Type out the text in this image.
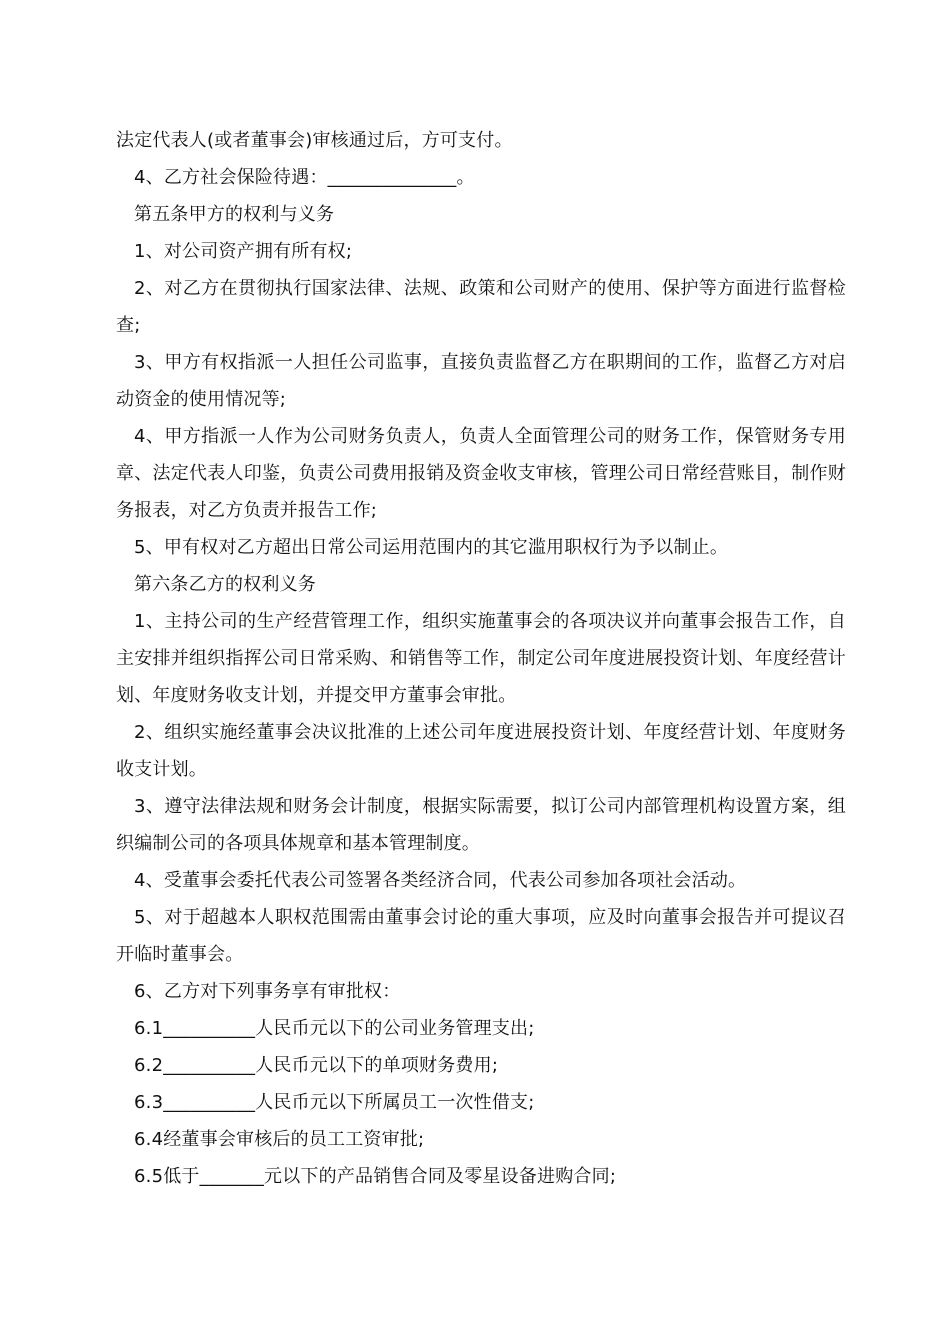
法定代表人(或者董事会)审核通过后，方可支付。

4、乙方社会保险待遇：______________。

第五条甲方的权利与义务

1、对公司资产拥有所有权;

2、对乙方在贯彻执行国家法律、法规、政策和公司财产的使用、保护等方面进行监督检查;

3、甲方有权指派一人担任公司监事，直接负责监督乙方在职期间的工作，监督乙方对启动资金的使用情况等;

4、甲方指派一人作为公司财务负责人，负责人全面管理公司的财务工作，保管财务专用章、法定代表人印鉴，负责公司费用报销及资金收支审核，管理公司日常经营账目，制作财务报表，对乙方负责并报告工作;

5、甲有权对乙方超出日常公司运用范围内的其它滥用职权行为予以制止。

第六条乙方的权利义务

1、主持公司的生产经营管理工作，组织实施董事会的各项决议并向董事会报告工作，自主安排并组织指挥公司日常采购、和销售等工作，制定公司年度进展投资计划、年度经营计划、年度财务收支计划，并提交甲方董事会审批。

2、组织实施经董事会决议批准的上述公司年度进展投资计划、年度经营计划、年度财务收支计划。

3、遵守法律法规和财务会计制度，根据实际需要，拟订公司内部管理机构设置方案，组织编制公司的各项具体规章和基本管理制度。

4、受董事会委托代表公司签署各类经济合同，代表公司参加各项社会活动。

5、对于超越本人职权范围需由董事会讨论的重大事项，应及时向董事会报告并可提议召开临时董事会。

6、乙方对下列事务享有审批权：

6.1__________人民币元以下的公司业务管理支出;

6.2__________人民币元以下的单项财务费用;

6.3__________人民币元以下所属员工一次性借支;

6.4经董事会审核后的员工工资审批;

6.5低于_______元以下的产品销售合同及零星设备进购合同;
